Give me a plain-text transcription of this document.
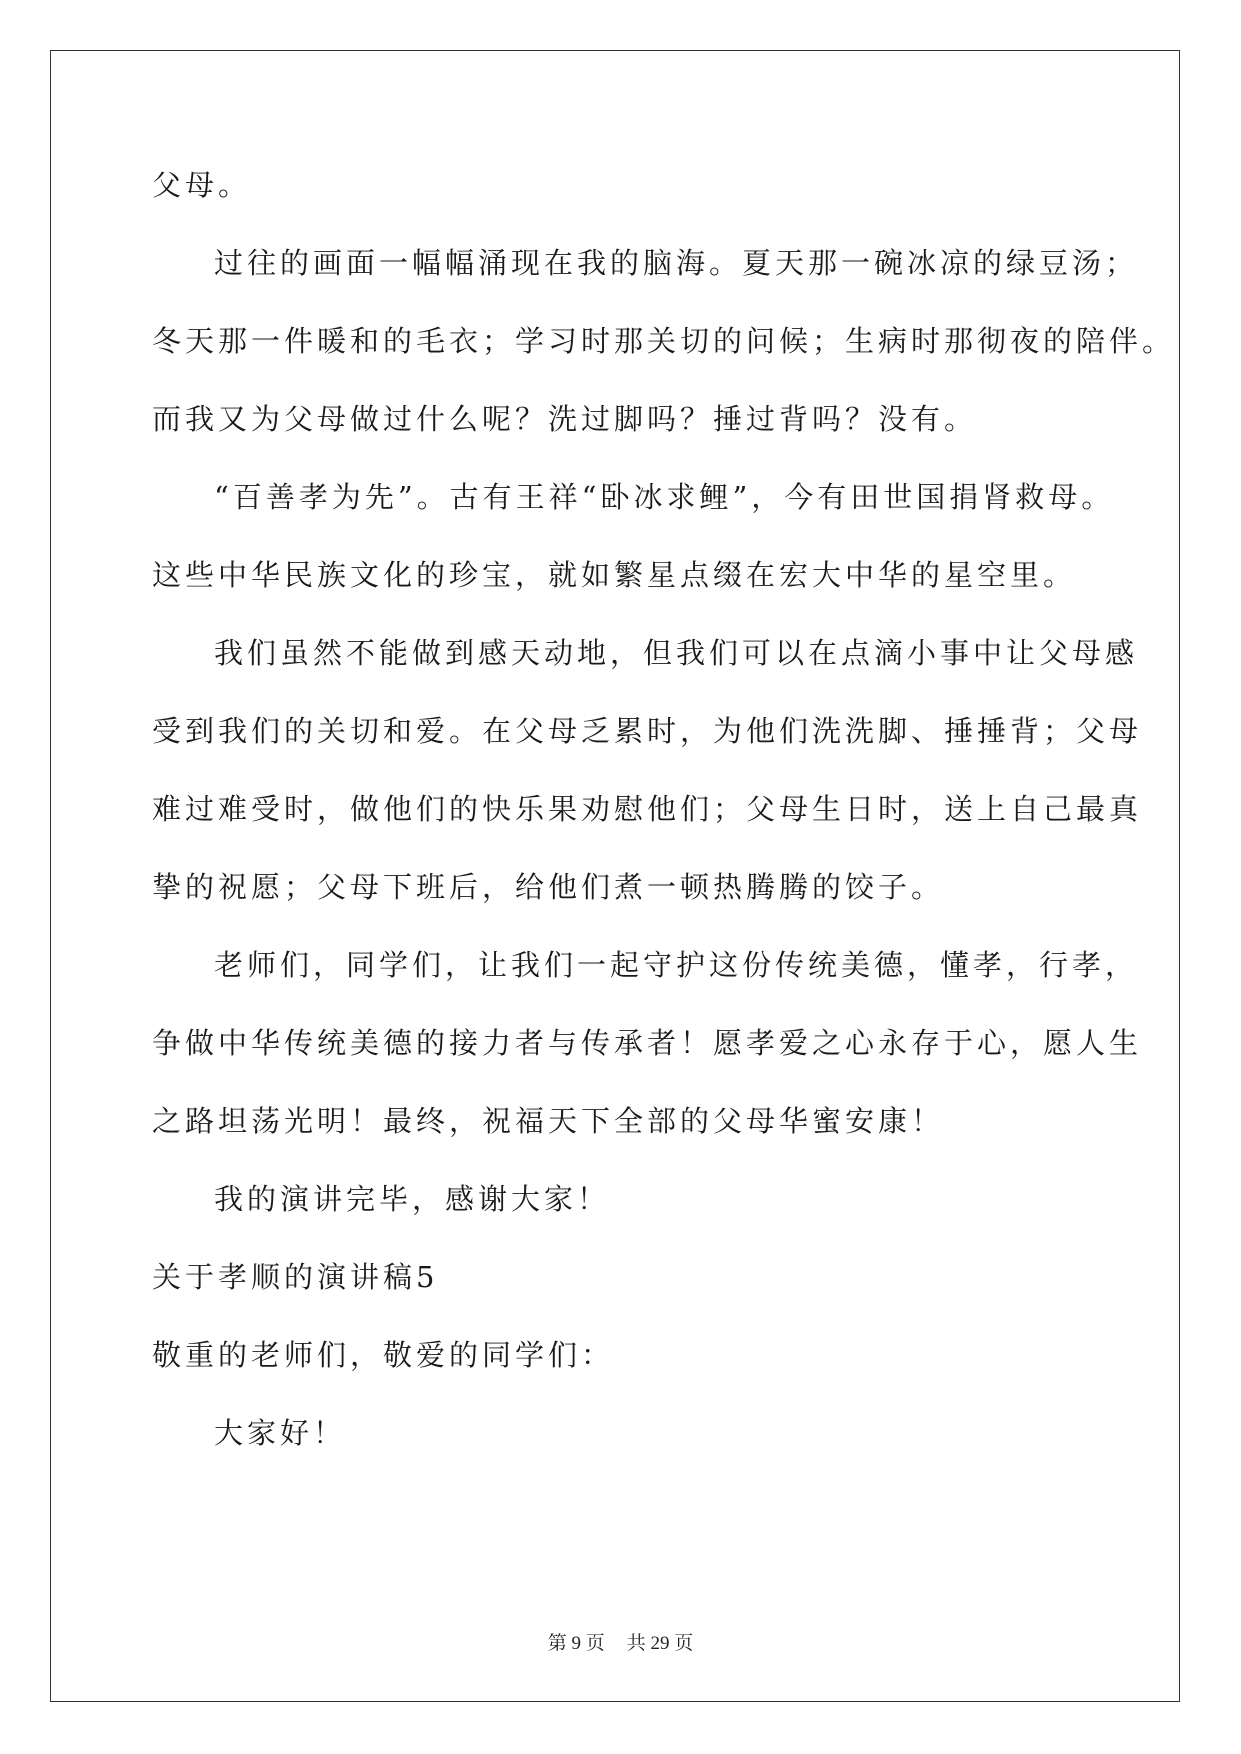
父母。
过往的画面一幅幅涌现在我的脑海。夏天那一碗冰凉的绿豆汤；
冬天那一件暖和的毛衣；学习时那关切的问候；生病时那彻夜的陪伴。
而我又为父母做过什么呢？洗过脚吗？捶过背吗？没有。
“百善孝为先”。古有王祥“卧冰求鲤”，今有田世国捐肾救母。
这些中华民族文化的珍宝，就如繁星点缀在宏大中华的星空里。
我们虽然不能做到感天动地，但我们可以在点滴小事中让父母感
受到我们的关切和爱。在父母乏累时，为他们洗洗脚、捶捶背；父母
难过难受时，做他们的快乐果劝慰他们；父母生日时，送上自己最真
挚的祝愿；父母下班后，给他们煮一顿热腾腾的饺子。
老师们，同学们，让我们一起守护这份传统美德，懂孝，行孝，
争做中华传统美德的接力者与传承者！愿孝爱之心永存于心，愿人生
之路坦荡光明！最终，祝福天下全部的父母华蜜安康！
我的演讲完毕，感谢大家！
关于孝顺的演讲稿5
敬重的老师们，敬爱的同学们：
大家好！
第 9 页 共 29 页
